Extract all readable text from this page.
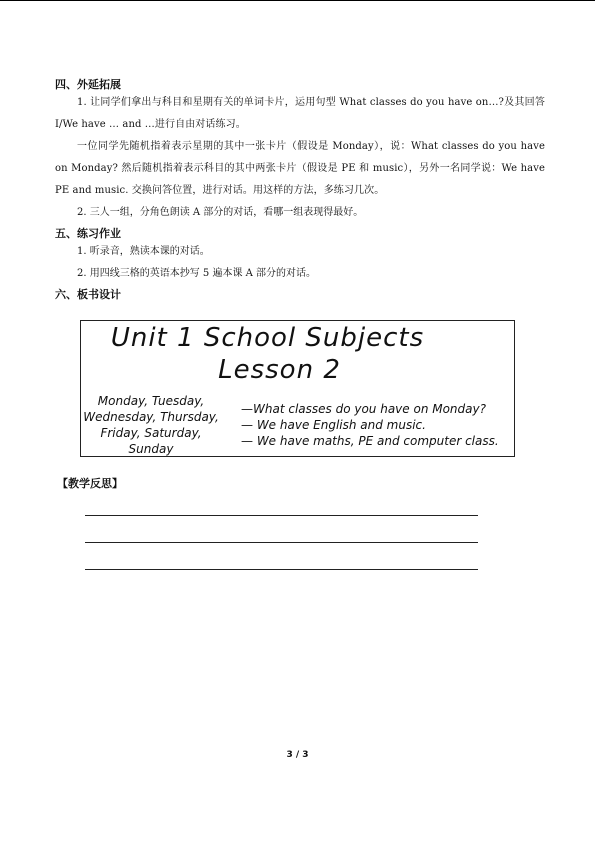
四、外延拓展

1. 让同学们拿出与科目和星期有关的单词卡片，运用句型 What classes do you have on…?及其回答 I/We have … and …进行自由对话练习。

一位同学先随机指着表示星期的其中一张卡片（假设是 Monday），说：What classes do you have on Monday? 然后随机指着表示科目的其中两张卡片（假设是 PE 和 music），另外一名同学说：We have PE and music. 交换问答位置，进行对话。用这样的方法，多练习几次。

2. 三人一组，分角色朗读 A 部分的对话，看哪一组表现得最好。

五、练习作业

1. 听录音，熟读本课的对话。

2. 用四线三格的英语本抄写 5 遍本课 A 部分的对话。

六、板书设计

Unit 1 School Subjects
Lesson 2
Monday, Tuesday,
Wednesday, Thursday,
Friday, Saturday,
Sunday
—What classes do you have on Monday?
— We have English and music.
— We have maths, PE and computer class.
【教学反思】
3 / 3
